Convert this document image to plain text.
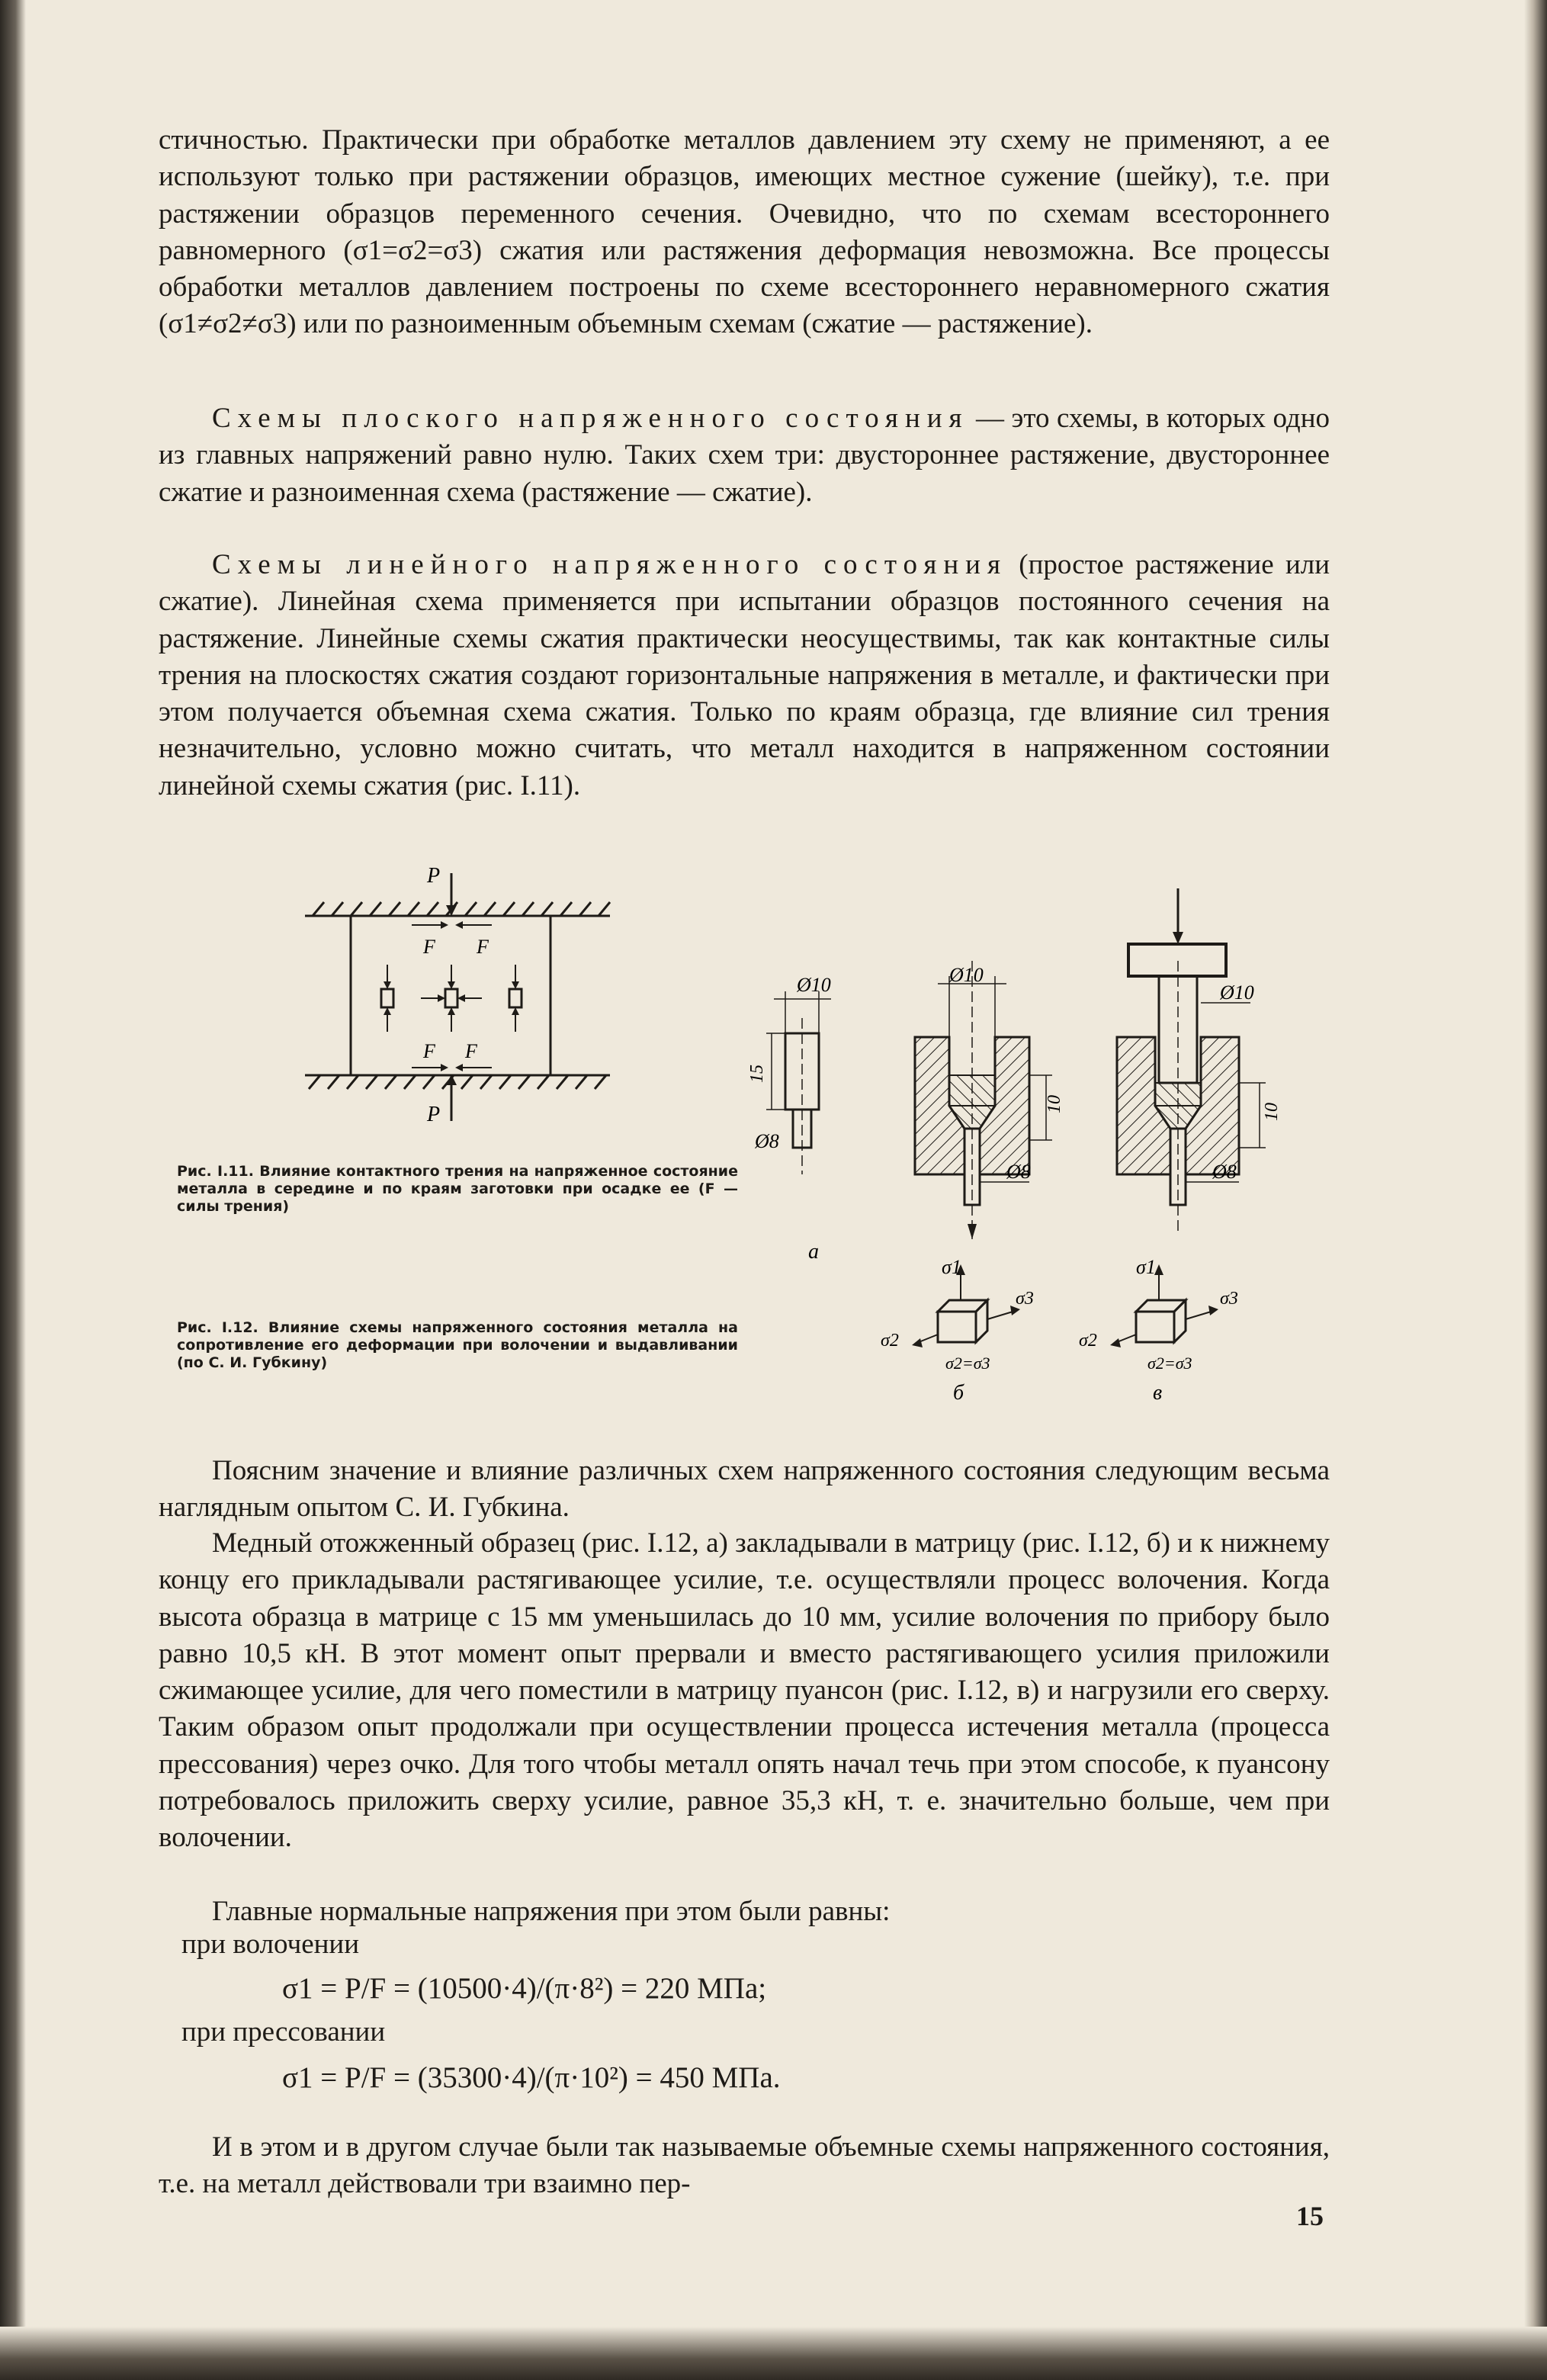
стичностью. Практически при обработке металлов давлением эту схему не применяют, а ее используют только при растяжении образцов, имеющих местное сужение (шейку), т.е. при растяжении образцов переменного сечения. Очевидно, что по схемам всестороннего равномерного (σ1=σ2=σ3) сжатия или растяжения деформация невозможна. Все процессы обработки металлов давлением построены по схеме всестороннего неравномерного сжатия (σ1≠σ2≠σ3) или по разноименным объемным схемам (сжатие — растяжение).

Схемы плоского напряженного состояния — это схемы, в которых одно из главных напряжений равно нулю. Таких схем три: двустороннее растяжение, двустороннее сжатие и разноименная схема (растяжение — сжатие).

Схемы линейного напряженного состояния (простое растяжение или сжатие). Линейная схема применяется при испытании образцов постоянного сечения на растяжение. Линейные схемы сжатия практически неосуществимы, так как контактные силы трения на плоскостях сжатия создают горизонтальные напряжения в металле, и фактически при этом получается объемная схема сжатия. Только по краям образца, где влияние сил трения незначительно, условно можно считать, что металл находится в напряженном состоянии линейной схемы сжатия (рис. I.11).

P
P
F F
F F
Рис. I.11. Влияние контактного трения на напряженное состояние металла в середине и по краям заготовки при осадке ее (F — силы трения)
Ø10
15
Ø8
а
Ø10
10
Ø8
Ø10
10
Ø8
σ1
σ3
σ2
σ2=σ3
б
σ1
σ3
σ2
σ2=σ3
в
Рис. I.12. Влияние схемы напряженного состояния металла на сопротивление его деформации при волочении и выдавливании (по С. И. Губкину)

Поясним значение и влияние различных схем напряженного состояния следующим весьма наглядным опытом С. И. Губкина.

Медный отожженный образец (рис. I.12, а) закладывали в матрицу (рис. I.12, б) и к нижнему концу его прикладывали растягивающее усилие, т.е. осуществляли процесс волочения. Когда высота образца в матрице с 15 мм уменьшилась до 10 мм, усилие волочения по прибору было равно 10,5 кН. В этот момент опыт прервали и вместо растягивающего усилия приложили сжимающее усилие, для чего поместили в матрицу пуансон (рис. I.12, в) и нагрузили его сверху. Таким образом опыт продолжали при осуществлении процесса истечения металла (процесса прессования) через очко. Для того чтобы металл опять начал течь при этом способе, к пуансону потребовалось приложить сверху усилие, равное 35,3 кН, т. е. значительно больше, чем при волочении.

Главные нормальные напряжения при этом были равны:

при волочении
σ1 = P/F = (10500·4)/(π·8²) = 220 МПа;
при прессовании
σ1 = P/F = (35300·4)/(π·10²) = 450 МПа.

И в этом и в другом случае были так называемые объемные схемы напряженного состояния, т.е. на металл действовали три взаимно пер-

15
